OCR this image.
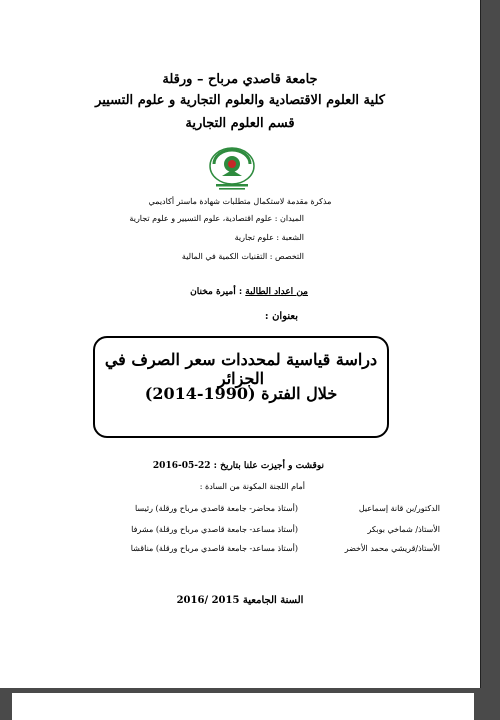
جامعة قاصدي مرباح – ورقلة
كلية العلوم الاقتصادية والعلوم التجارية و علوم التسيير
قسم العلوم التجارية
مذكرة مقدمة لاستكمال متطلبات شهادة ماستر أكاديمي
الميدان : علوم اقتصادية، علوم التسيير و علوم تجارية
الشعبة : علوم تجارية
التخصص : التقنيات الكمية في المالية
من اعداد الطالبة : أميرة مخنان
بعنوان :
دراسة قياسية لمحددات سعر الصرف في الجزائر
خلال الفترة (1990-2014)
نوقشت و أجيزت علنا بتاريخ : 22-05-2016
أمام اللجنة المكونة من السادة :
الدكتور/بن قانة إسماعيل
(أستاذ محاضر- جامعة قاصدي مرباح ورقلة) رئيسا
الأستاذ/ شماخي بوبكر
(أستاذ مساعد- جامعة قاصدي مرباح ورقلة) مشرفا
الأستاذ/قريشي محمد الأخضر
(أستاذ مساعد- جامعة قاصدي مرباح ورقلة) مناقشا
السنة الجامعية 2015 /2016
